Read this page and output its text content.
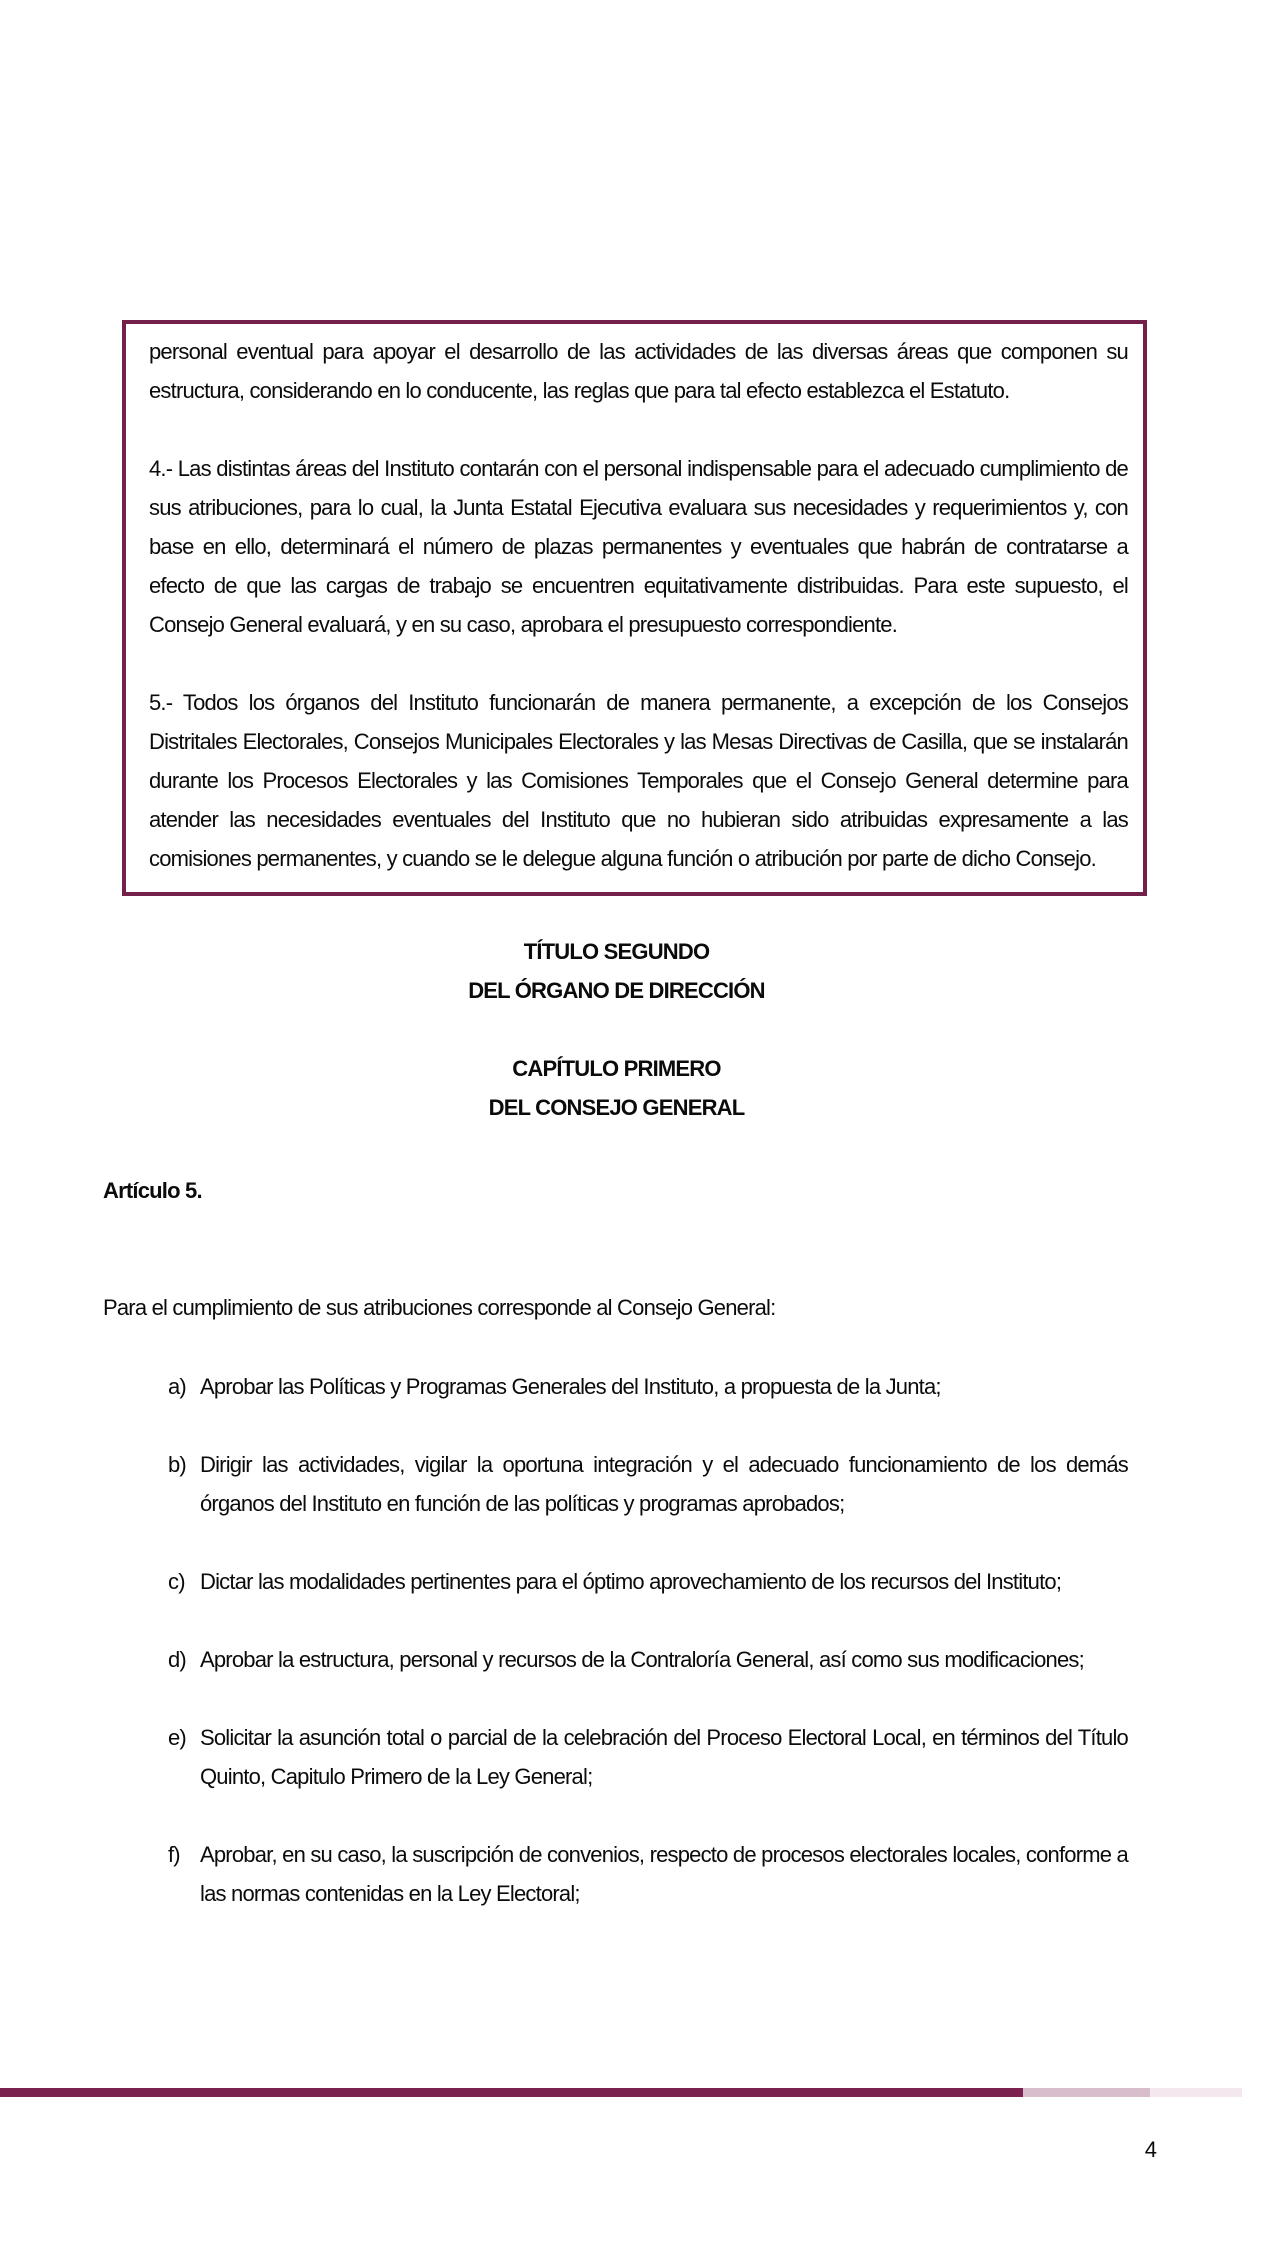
personal eventual para apoyar el desarrollo de las actividades de las diversas áreas que componen su estructura, considerando en lo conducente, las reglas que para tal efecto establezca el Estatuto.

4.- Las distintas áreas del Instituto contarán con el personal indispensable para el adecuado cumplimiento de sus atribuciones, para lo cual, la Junta Estatal Ejecutiva evaluara sus necesidades y requerimientos y, con base en ello, determinará el número de plazas permanentes y eventuales que habrán de contratarse a efecto de que las cargas de trabajo se encuentren equitativamente distribuidas. Para este supuesto, el Consejo General evaluará, y en su caso, aprobara el presupuesto correspondiente.

5.- Todos los órganos del Instituto funcionarán de manera permanente, a excepción de los Consejos Distritales Electorales, Consejos Municipales Electorales y las Mesas Directivas de Casilla, que se instalarán durante los Procesos Electorales y las Comisiones Temporales que el Consejo General determine para atender las necesidades eventuales del Instituto que no hubieran sido atribuidas expresamente a las comisiones permanentes, y cuando se le delegue alguna función o atribución por parte de dicho Consejo.

TÍTULO SEGUNDO
DEL ÓRGANO DE DIRECCIÓN
CAPÍTULO PRIMERO
DEL CONSEJO GENERAL
Artículo 5.
Para el cumplimiento de sus atribuciones corresponde al Consejo General:
a) Aprobar las Políticas y Programas Generales del Instituto, a propuesta de la Junta;
b) Dirigir las actividades, vigilar la oportuna integración y el adecuado funcionamiento de los demás órganos del Instituto en función de las políticas y programas aprobados;
c) Dictar las modalidades pertinentes para el óptimo aprovechamiento de los recursos del Instituto;
d) Aprobar la estructura, personal y recursos de la Contraloría General, así como sus modificaciones;
e) Solicitar la asunción total o parcial de la celebración del Proceso Electoral Local, en términos del Título Quinto, Capitulo Primero de la Ley General;
f) Aprobar, en su caso, la suscripción de convenios, respecto de procesos electorales locales, conforme a las normas contenidas en la Ley Electoral;
4
